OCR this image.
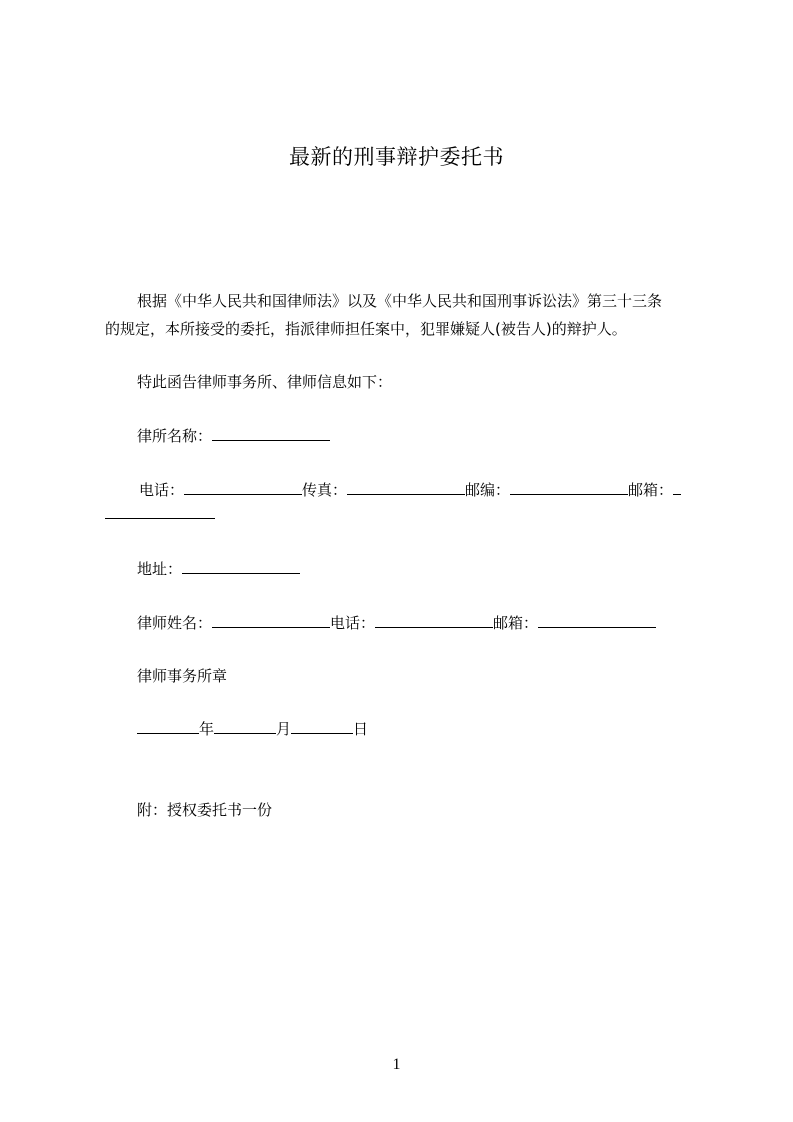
最新的刑事辩护委托书
根据《中华人民共和国律师法》以及《中华人民共和国刑事诉讼法》第三十三条
的规定，本所接受的委托，指派律师担任案中，犯罪嫌疑人(被告人)的辩护人。
特此函告律师事务所、律师信息如下：
律所名称：
电话：	传真：	邮编：	邮箱：
地址：
律师姓名：	电话：	邮箱：
律师事务所章
年	月	日
附：授权委托书一份
1
